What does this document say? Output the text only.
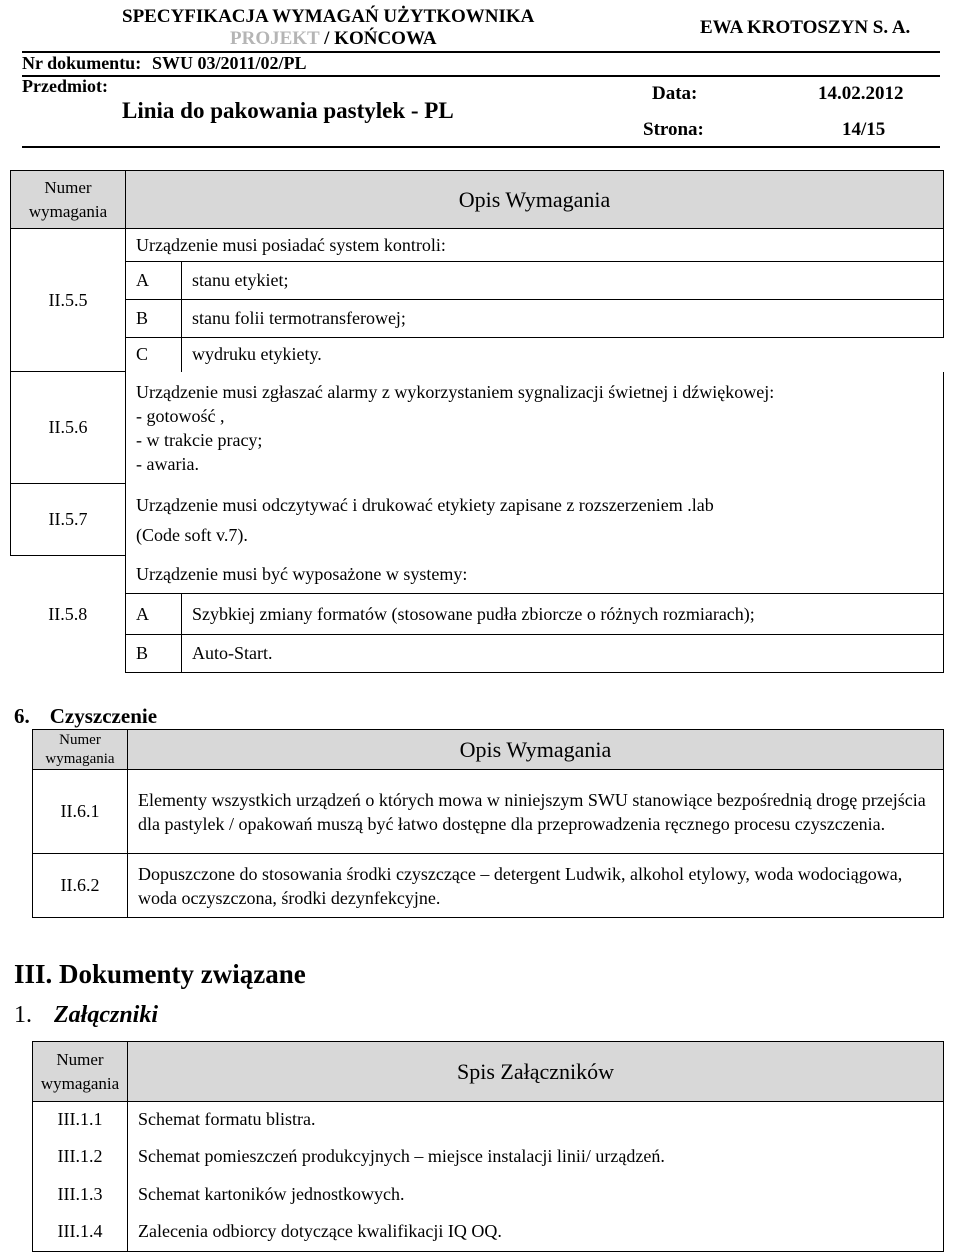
SPECYFIKACJA WYMAGAŃ UŻYTKOWNIKA
PROJEKT / KOŃCOWA
EWA KROTOSZYN S. A.
Nr dokumentu: SWU 03/2011/02/PL
Przedmiot:
Linia do pakowania pastylek - PL
Data:	14.02.2012
Strona:	14/15
Numer wymagania	Opis Wymagania	
II.5.5	Urządzenie musi posiadać system kontroli:	
	A	stanu etykiet;
	B	stanu folii termotransferowej;
	C	wydruku etykiety.
II.5.6	Urządzenie musi zgłaszać alarmy z wykorzystaniem sygnalizacji świetnej i dźwiękowej:
- gotowość ,
- w trakcie pracy;
- awaria.	

II.5.7	Urządzenie musi odczytywać i drukować etykiety zapisane z rozszerzeniem .lab
(Code soft v.7).	

II.5.8	Urządzenie musi być wyposażone w systemy:	
	A	Szybkiej zmiany formatów (stosowane pudła zbiorcze o różnych rozmiarach);
	B	Auto-Start.
6. Czyszczenie
Numer wymagania	Opis Wymagania
II.6.1	Elementy wszystkich urządzeń o których mowa w niniejszym SWU stanowiące bezpośrednią drogę przejścia dla pastylek / opakowań muszą być łatwo dostępne dla przeprowadzenia ręcznego procesu czyszczenia.
II.6.2	Dopuszczone do stosowania środki czyszczące – detergent Ludwik, alkohol etylowy, woda wodociągowa, woda oczyszczona, środki dezynfekcyjne.
III. Dokumenty związane
1. Załączniki
Numer wymagania	Spis Załączników
III.1.1	Schemat formatu blistra.
III.1.2	Schemat pomieszczeń produkcyjnych – miejsce instalacji linii/ urządzeń.
III.1.3	Schemat kartoników jednostkowych.
III.1.4	Zalecenia odbiorcy dotyczące kwalifikacji IQ OQ.
